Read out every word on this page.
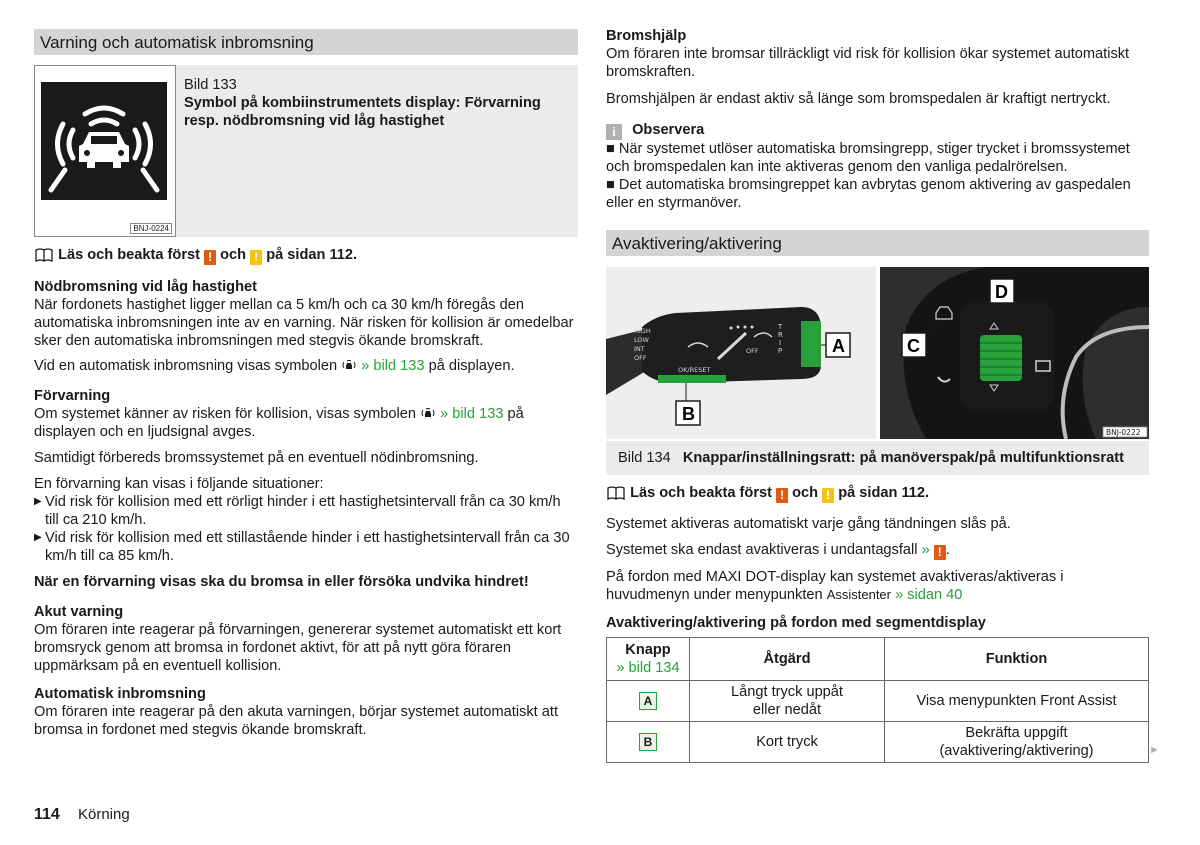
Varning och automatisk inbromsning
BNJ-0224
Bild 133
Symbol på kombiinstrumentets display: Förvarning resp. nödbromsning vid låg hastighet
Läs och beakta först ! och ! på sidan 112.

Nödbromsning vid låg hastighet

När fordonets hastighet ligger mellan ca 5 km/h och ca 30 km/h föregås den automatiska inbromsningen inte av en varning. När risken för kollision är omedelbar sker den automatiska inbromsningen med stegvis ökande bromskraft.

Vid en automatisk inbromsning visas symbolen » bild 133 på displayen.

Förvarning

Om systemet känner av risken för kollision, visas symbolen » bild 133 på displayen och en ljudsignal avges.

Samtidigt förbereds bromssystemet på en eventuell nödinbromsning.

En förvarning kan visas i följande situationer:

▶ Vid risk för kollision med ett rörligt hinder i ett hastighetsintervall från ca 30 km/h till ca 210 km/h.
▶ Vid risk för kollision med ett stillastående hinder i ett hastighetsintervall från ca 30 km/h till ca 85 km/h.

När en förvarning visas ska du bromsa in eller försöka undvika hindret!

Akut varning

Om föraren inte reagerar på förvarningen, genererar systemet automatiskt ett kort bromsryck genom att bromsa in fordonet aktivt, för att på nytt göra föraren uppmärksam på en eventuell kollision.

Automatisk inbromsning

Om föraren inte reagerar på den akuta varningen, börjar systemet automatiskt att bromsa in fordonet med stegvis ökande bromskraft.

Bromshjälp

Om föraren inte bromsar tillräckligt vid risk för kollision ökar systemet automatiskt bromskraften.

Bromshjälpen är endast aktiv så länge som bromspedalen är kraftigt nertryckt.

i Observera

■ När systemet utlöser automatiska bromsingrepp, stiger trycket i bromssystemet och bromspedalen kan inte aktiveras genom den vanliga pedalrörelsen.

■ Det automatiska bromsingreppet kan avbrytas genom aktivering av gaspedalen eller en styrmanöver.

Avaktivering/aktivering
HIGH
LOW
INT
OFF
OK/RESET
OFF
T
R
I
P	A
B
C
D
BNJ-0222
Bild 134 Knappar/inställningsratt: på manöverspak/på multifunktionsratt
Läs och beakta först ! och ! på sidan 112.

Systemet aktiveras automatiskt varje gång tändningen slås på.

Systemet ska endast avaktiveras i undantagsfall » ! .

På fordon med MAXI DOT-display kan systemet avaktiveras/aktiveras i huvudmenyn under menypunkten Assistenter » sidan 40

Avaktivering/aktivering på fordon med segmentdisplay

Knapp
» bild 134	Åtgärd	Funktion
A	Långt tryck uppåt eller nedåt	Visa menypunkten Front Assist
B	Kort tryck	Bekräfta uppgift (avaktivering/aktivering)	►
114 Körning
